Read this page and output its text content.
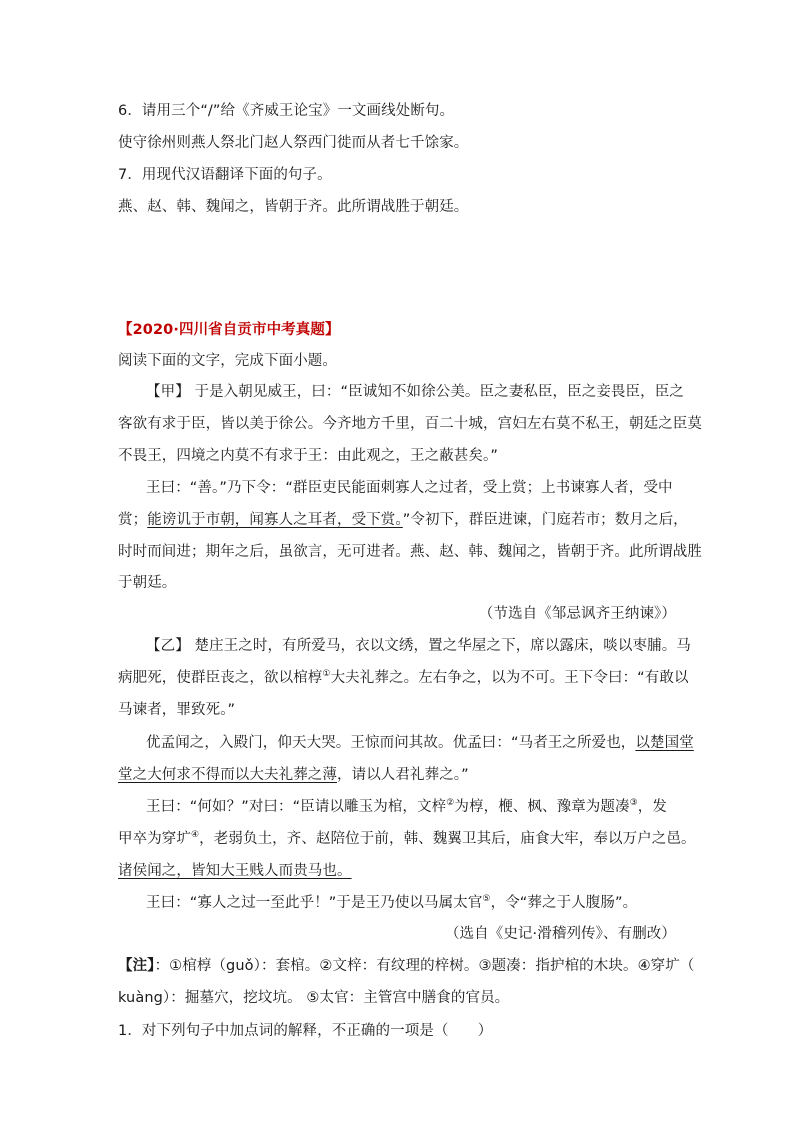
6．请用三个“/”给《齐威王论宝》一文画线处断句。
使守徐州则燕人祭北门赵人祭西门徙而从者七千馀家。
7．用现代汉语翻译下面的句子。
燕、赵、韩、魏闻之，皆朝于齐。此所谓战胜于朝廷。
【2020·四川省自贡市中考真题】
阅读下面的文字，完成下面小题。
【甲】 于是入朝见威王，曰：“臣诚知不如徐公美。臣之妻私臣，臣之妾畏臣，臣之
客欲有求于臣，皆以美于徐公。今齐地方千里，百二十城，宫妇左右莫不私王，朝廷之臣莫
不畏王，四境之内莫不有求于王：由此观之，王之蔽甚矣。”
王曰：“善。”乃下令：“群臣吏民能面刺寡人之过者，受上赏；上书谏寡人者，受中
赏；能谤讥于市朝，闻寡人之耳者，受下赏。”令初下，群臣进谏，门庭若市；数月之后，
时时而间进；期年之后，虽欲言，无可进者。燕、赵、韩、魏闻之，皆朝于齐。此所谓战胜
于朝廷。
（节选自《邹忌讽齐王纳谏》）
【乙】 楚庄王之时，有所爱马，衣以文绣，置之华屋之下，席以露床，啖以枣脯。马
病肥死，使群臣丧之，欲以棺椁①大夫礼葬之。左右争之，以为不可。王下令曰：“有敢以
马谏者，罪致死。”
优孟闻之，入殿门，仰天大哭。王惊而问其故。优孟曰：“马者王之所爱也，以楚国堂
堂之大何求不得而以大夫礼葬之薄，请以人君礼葬之。”
王曰：“何如？”对曰：“臣请以雕玉为棺，文梓②为椁，楩、枫、豫章为题凑③，发
甲卒为穿圹④，老弱负土，齐、赵陪位于前，韩、魏翼卫其后，庙食大牢，奉以万户之邑。
诸侯闻之，皆知大王贱人而贵马也。
王曰：“寡人之过一至此乎！”于是王乃使以马属太官⑤，令“葬之于人腹肠”。
（选自《史记·滑稽列传》、有删改）
【注】：①棺椁（guǒ）：套棺。②文梓：有纹理的梓树。③题凑：指护棺的木块。④穿圹（
kuàng）：掘墓穴，挖坟坑。 ⑤太官：主管宫中膳食的官员。
1．对下列句子中加点词的解释，不正确的一项是（　　）
